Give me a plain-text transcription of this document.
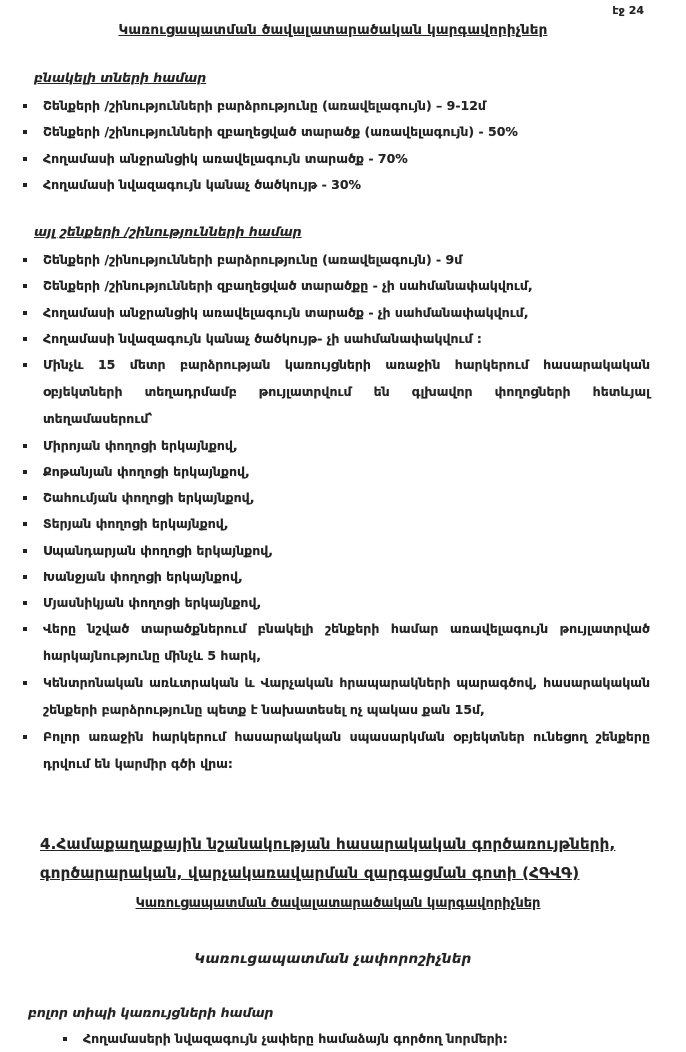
էջ 24
Կառուցապատման ծավալատարածական կարգավորիչներ
բնակելի տների համար
Շենքերի /շինությունների բարձրությունը (առավելագույն) – 9-12մ
Շենքերի /շինությունների զբաղեցված տարածք (առավելագույն) - 50%
Հողամասի անջրանցիկ առավելագույն տարածք - 70%
Հողամասի նվազագույն կանաչ ծածկույթ - 30%
այլ շենքերի /շինությունների համար
Շենքերի /շինությունների բարձրությունը (առավելագույն) - 9մ
Շենքերի /շինությունների զբաղեցված տարածքը - չի սահմանափակվում,
Հողամասի անջրանցիկ առավելագույն տարածք - չի սահմանափակվում,
Հողամասի նվազագույն կանաչ ծածկույթ- չի սահմանափակվում :
Մինչև 15 մետր բարձրության կառույցների առաջին հարկերում հասարակական օբյեկտների տեղադրմամբ թույլատրվում են գլխավոր փողոցների հետևյալ տեղամասերում՝
Միրոյան փողոցի երկայնքով,
Քոթանյան փողոցի երկայնքով,
Շահումյան փողոցի երկայնքով,
Տերյան փողոցի երկայնքով,
Սպանդարյան փողոցի երկայնքով,
Խանջյան փողոցի երկայնքով,
Մյասնիկյան փողոցի երկայնքով,
Վերը նշված տարածքներում բնակելի շենքերի համար առավելագույն թույլատրված հարկայնությունը մինչև 5 հարկ,
Կենտրոնական առևտրական և Վարչական հրապարակների պարագծով, հասարակական շենքերի բարձրությունը պետք է նախատեսել ոչ պակաս քան 15մ,
Բոլոր առաջին հարկերում հասարակական սպասարկման օբյեկտներ ունեցող շենքերը դրվում են կարմիր գծի վրա:
4.Համաքաղաքային նշանակության հասարակական գործառույթների,
գործարարական, վարչակառավարման զարգացման գոտի (ՀԳՎԳ)
Կառուցապատման ծավալատարածական կարգավորիչներ
Կառուցապատման չափորոշիչներ
բոլոր տիպի կառույցների համար
Հողամասերի նվազագույն չափերը համաձայն գործող նորմերի:
